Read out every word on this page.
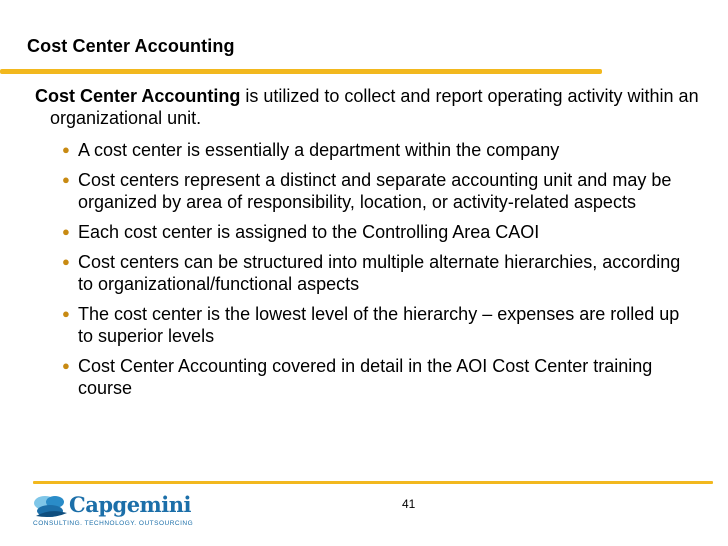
Cost Center Accounting

Cost Center Accounting is utilized to collect and report operating activity within an organizational unit.

● A cost center is essentially a department within the company
● Cost centers represent a distinct and separate accounting unit and may be organized by area of responsibility, location, or activity-related aspects
● Each cost center is assigned to the Controlling Area CAOI
● Cost centers can be structured into multiple alternate hierarchies, according to organizational/functional aspects
● The cost center is the lowest level of the hierarchy – expenses are rolled up to superior levels
● Cost Center Accounting covered in detail in the AOI Cost Center training course
Capgemini
CONSULTING. TECHNOLOGY. OUTSOURCING
41
